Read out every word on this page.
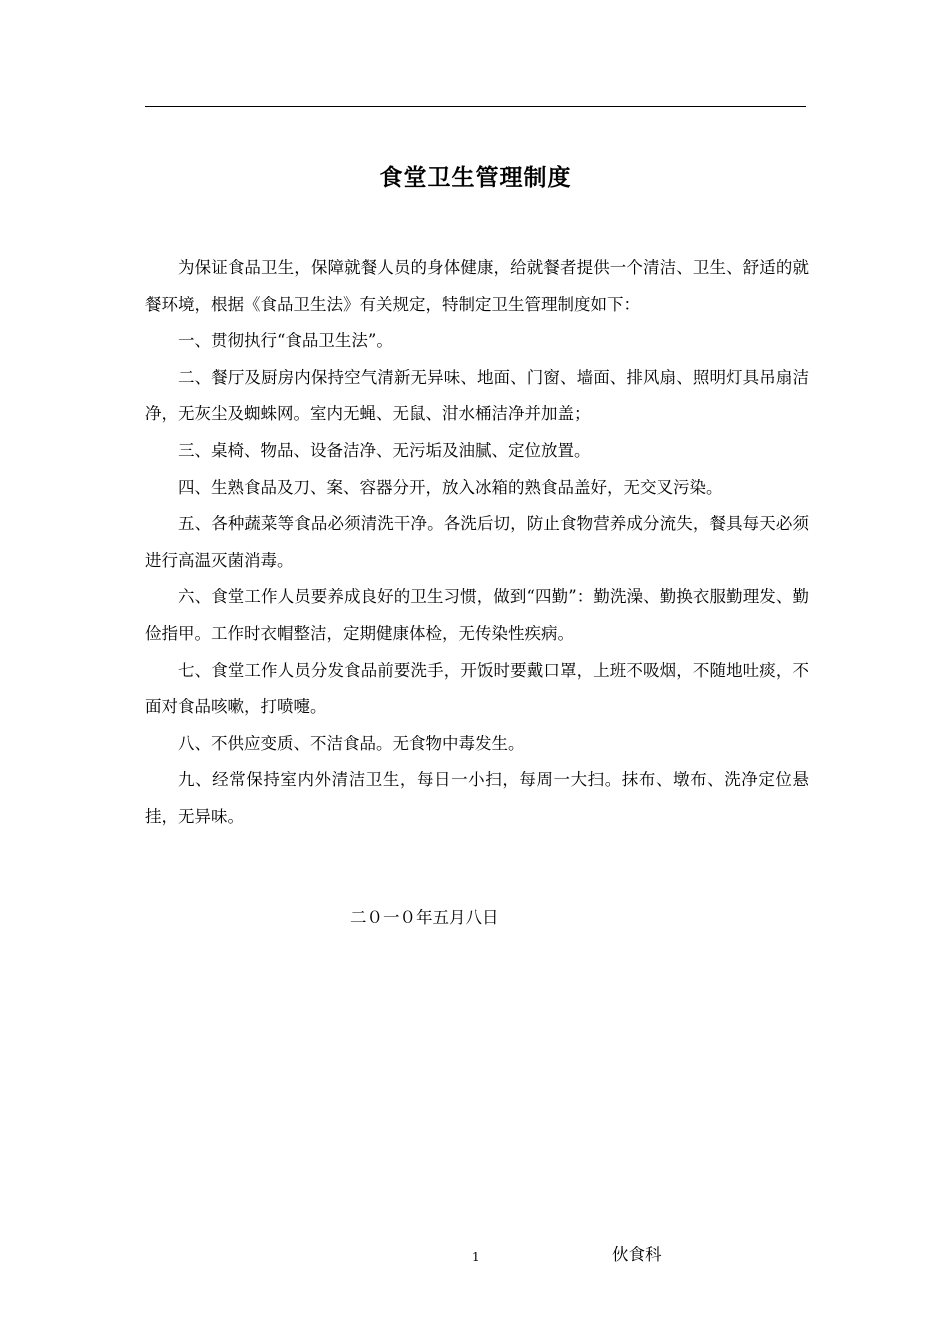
食堂卫生管理制度

为保证食品卫生，保障就餐人员的身体健康，给就餐者提供一个清洁、卫生、舒适的就餐环境，根据《食品卫生法》有关规定，特制定卫生管理制度如下：

一、贯彻执行“食品卫生法”。

二、餐厅及厨房内保持空气清新无异味、地面、门窗、墙面、排风扇、照明灯具吊扇洁净，无灰尘及蜘蛛网。室内无蝇、无鼠、泔水桶洁净并加盖；

三、桌椅、物品、设备洁净、无污垢及油腻、定位放置。

四、生熟食品及刀、案、容器分开，放入冰箱的熟食品盖好，无交叉污染。

五、各种蔬菜等食品必须清洗干净。各洗后切，防止食物营养成分流失，餐具每天必须进行高温灭菌消毒。

六、食堂工作人员要养成良好的卫生习惯，做到“四勤”：勤洗澡、勤换衣服勤理发、勤俭指甲。工作时衣帽整洁，定期健康体检，无传染性疾病。

七、食堂工作人员分发食品前要洗手，开饭时要戴口罩，上班不吸烟，不随地吐痰，不面对食品咳嗽，打喷嚏。

八、不供应变质、不洁食品。无食物中毒发生。

九、经常保持室内外清洁卫生，每日一小扫，每周一大扫。抹布、墩布、洗净定位悬挂，无异味。

二０一０年五月八日
1	伙食科
